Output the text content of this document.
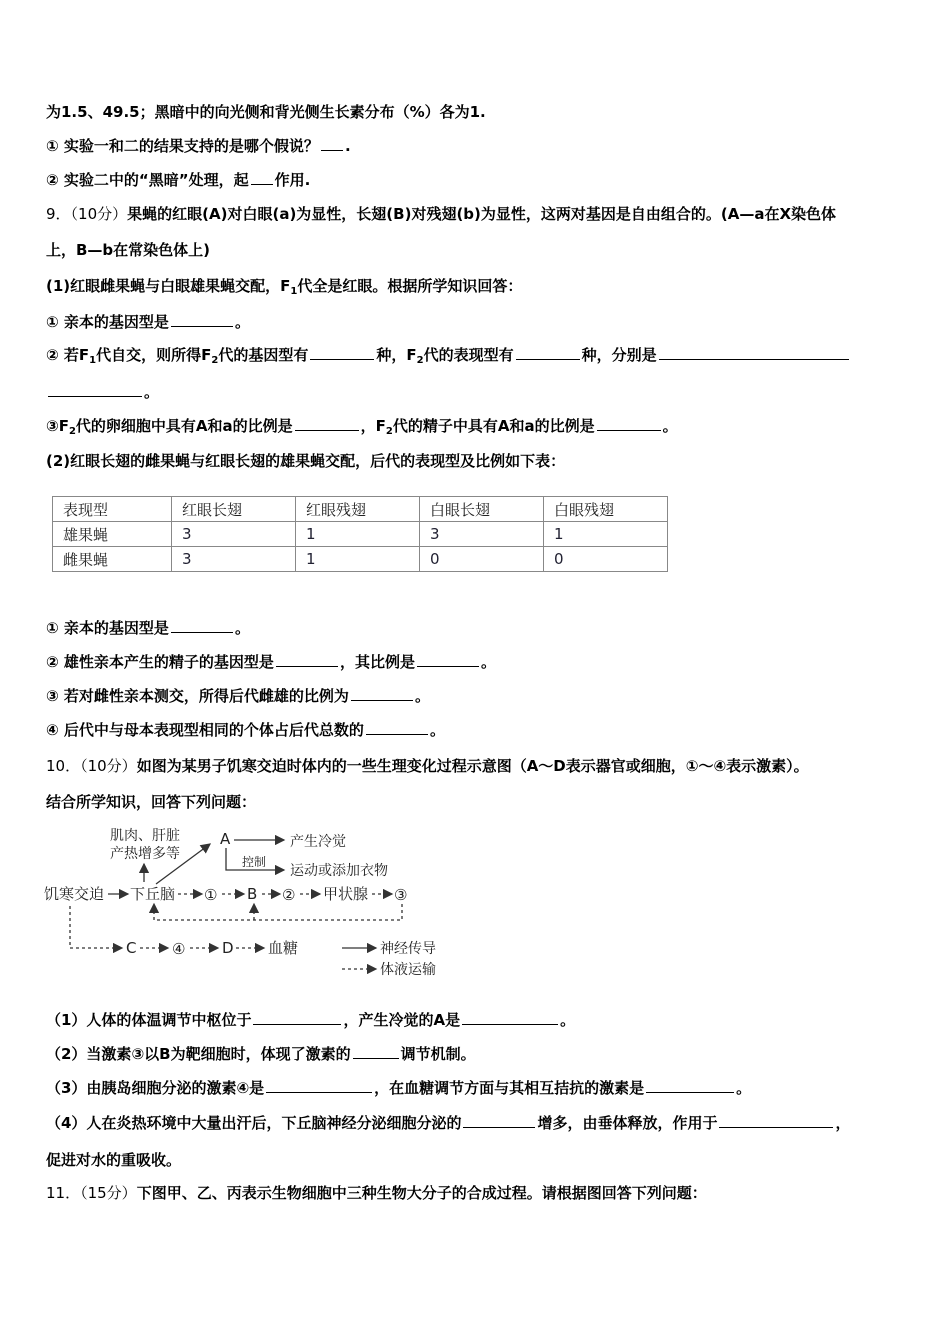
为1.5、49.5；黑暗中的向光侧和背光侧生长素分布（%）各为1.
① 实验一和二的结果支持的是哪个假说？ .
② 实验二中的“黑暗”处理，起 作用.
9．（10分）果蝇的红眼(A)对白眼(a)为显性，长翅(B)对残翅(b)为显性，这两对基因是自由组合的。(A—a在X染色体
上，B—b在常染色体上)
(1)红眼雌果蝇与白眼雄果蝇交配，$F_1$代全是红眼。根据所学知识回答：
① 亲本的基因型是	。
② 若$F_1$代自交，则所得$F_2$代的基因型有	种，$F_2$代的表现型有	种，分别是
。
$③F_2$代的卵细胞中具有A和a的比例是	，$F_2$代的精子中具有A和a的比例是	。
(2)红眼长翅的雌果蝇与红眼长翅的雄果蝇交配，后代的表现型及比例如下表：
表现型	红眼长翅	红眼残翅	白眼长翅	白眼残翅
雄果蝇	3	1	3	1
雌果蝇	3	1	0	0
① 亲本的基因型是	。
② 雄性亲本产生的精子的基因型是	，其比例是	。
③ 若对雌性亲本测交，所得后代雌雄的比例为	。
④ 后代中与母本表现型相同的个体占后代总数的	。
10．（10分）如图为某男子饥寒交迫时体内的一些生理变化过程示意图（A～D表示器官或细胞，①～④表示激素）。
结合所学知识，回答下列问题：
肌肉、肝脏
产热增多等
A	产生冷觉
控制
运动或添加衣物
饥寒交迫 下丘脑 ① B ② 甲状腺 ③
C ④ D 血糖	神经传导
体液运输
（1）人体的体温调节中枢位于	，产生冷觉的A是	。
（2）当激素③以B为靶细胞时，体现了激素的	调节机制。
（3）由胰岛细胞分泌的激素④是	，在血糖调节方面与其相互拮抗的激素是	。
（4）人在炎热环境中大量出汗后，下丘脑神经分泌细胞分泌的	增多，由垂体释放，作用于	，
促进对水的重吸收。
11．（15分）下图甲、乙、丙表示生物细胞中三种生物大分子的合成过程。请根据图回答下列问题：
